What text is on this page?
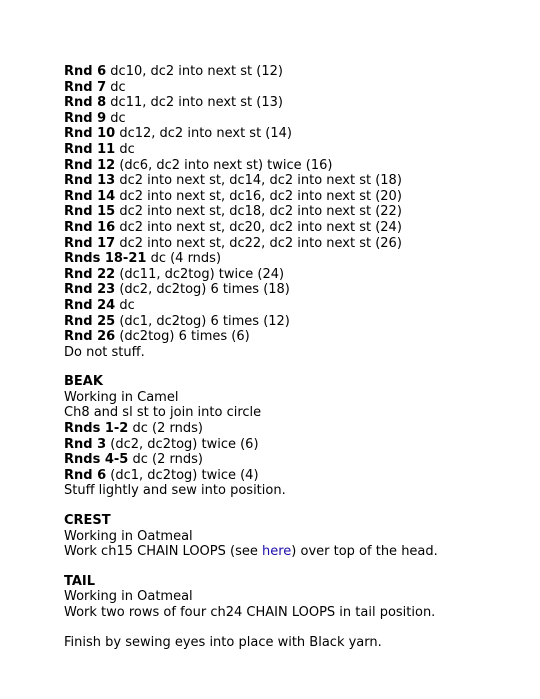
Rnd 6 dc10, dc2 into next st (12)
Rnd 7 dc
Rnd 8 dc11, dc2 into next st (13)
Rnd 9 dc
Rnd 10 dc12, dc2 into next st (14)
Rnd 11 dc
Rnd 12 (dc6, dc2 into next st) twice (16)
Rnd 13 dc2 into next st, dc14, dc2 into next st (18)
Rnd 14 dc2 into next st, dc16, dc2 into next st (20)
Rnd 15 dc2 into next st, dc18, dc2 into next st (22)
Rnd 16 dc2 into next st, dc20, dc2 into next st (24)
Rnd 17 dc2 into next st, dc22, dc2 into next st (26)
Rnds 18-21 dc (4 rnds)
Rnd 22 (dc11, dc2tog) twice (24)
Rnd 23 (dc2, dc2tog) 6 times (18)
Rnd 24 dc
Rnd 25 (dc1, dc2tog) 6 times (12)
Rnd 26 (dc2tog) 6 times (6)
Do not stuff.
BEAK
Working in Camel
Ch8 and sl st to join into circle
Rnds 1-2 dc (2 rnds)
Rnd 3 (dc2, dc2tog) twice (6)
Rnds 4-5 dc (2 rnds)
Rnd 6 (dc1, dc2tog) twice (4)
Stuff lightly and sew into position.
CREST
Working in Oatmeal
Work ch15 CHAIN LOOPS (see here) over top of the head.
TAIL
Working in Oatmeal
Work two rows of four ch24 CHAIN LOOPS in tail position.
Finish by sewing eyes into place with Black yarn.
